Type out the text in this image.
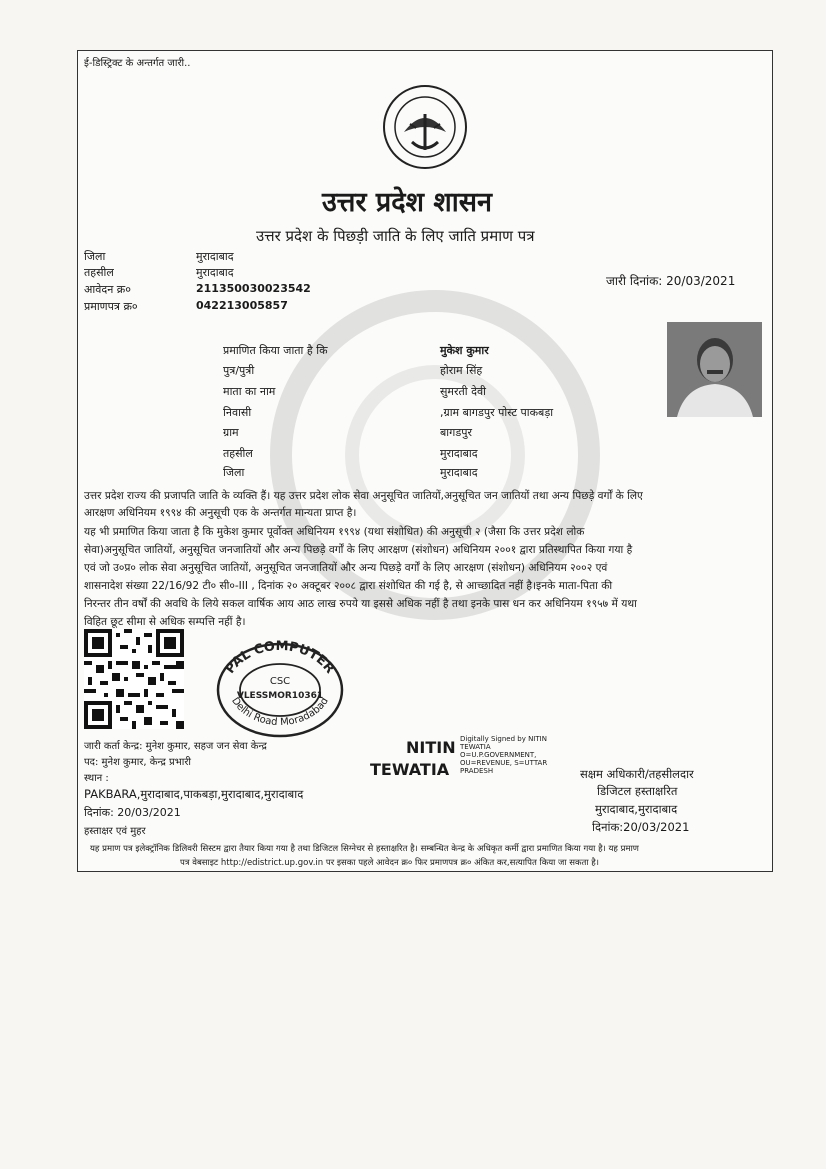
ई-डिस्ट्रिक्ट के अन्तर्गत जारी..
उत्तर प्रदेश शासन
उत्तर प्रदेश के पिछड़ी जाति के लिए जाति प्रमाण पत्र
जिला	मुरादाबाद
तहसील	मुरादाबाद
आवेदन क्र०	211350030023542
प्रमाणपत्र क्र०	042213005857
जारी दिनांक: 20/03/2021
प्रमाणित किया जाता है कि	मुकेश कुमार
पुत्र/पुत्री	होराम सिंह
माता का नाम	सुमरती देवी
निवासी	,ग्राम बागडपुर पोस्ट पाकबड़ा
ग्राम	बागडपुर
तहसील	मुरादाबाद
जिला	मुरादाबाद
उत्तर प्रदेश राज्य की प्रजापति जाति के व्यक्ति हैं। यह उत्तर प्रदेश लोक सेवा अनुसूचित जातियों,अनुसूचित जन जातियों तथा अन्य पिछड़े वर्गों के लिए
आरक्षण अधिनियम १९९४ की अनुसूची एक के अन्तर्गत मान्यता प्राप्त है।
यह भी प्रमाणित किया जाता है कि मुकेश कुमार पूर्वोक्त अधिनियम १९९४ (यथा संशोधित) की अनुसूची २ (जैसा कि उत्तर प्रदेश लोक
सेवा)अनुसूचित जातियों, अनुसूचित जनजातियों और अन्य पिछड़े वर्गों के लिए आरक्षण (संशोधन) अधिनियम २००१ द्वारा प्रतिस्थापित किया गया है
एवं जो उ०प्र० लोक सेवा अनुसूचित जातियों, अनुसूचित जनजातियों और अन्य पिछड़े वर्गों के लिए आरक्षण (संशोधन) अधिनियम २००२ एवं
शासनादेश संख्या 22/16/92 टी० सी०-III , दिनांक २० अक्टूबर २००८ द्वारा संशोधित की गई है, से आच्छादित नहीं है।इनके माता-पिता की
निरन्तर तीन वर्षों की अवधि के लिये सकल वार्षिक आय आठ लाख रुपये या इससे अधिक नहीं है तथा इनके पास धन कर अधिनियम १९५७ में यथा
विहित छूट सीमा से अधिक सम्पत्ति नहीं है।
PAL COMPUTER
Delhi Road Moradabad
CSC
VLESSMOR10361
जारी कर्ता केन्द्र: मुनेश कुमार, सहज जन सेवा केन्द्र
पद: मुनेश कुमार, केन्द्र प्रभारी
स्थान :
PAKBARA,मुरादाबाद,पाकबड़ा,मुरादाबाद,मुरादाबाद
दिनांक: 20/03/2021
हस्ताक्षर एवं मुहर
NITIN
TEWATIA
Digitally Signed by NITIN
TEWATIA
O=U.P.GOVERNMENT,
OU=REVENUE, S=UTTAR
PRADESH	सक्षम अधिकारी/तहसीलदार
डिजिटल हस्ताक्षरित
मुरादाबाद,मुरादाबाद
दिनांक:20/03/2021
यह प्रमाण पत्र इलेक्ट्रॉनिक डिलिवरी सिस्टम द्वारा तैयार किया गया है तथा डिजिटल सिग्नेचर से हस्ताक्षरित है। सम्बन्धित केन्द्र के अधिकृत कर्मी द्वारा प्रमाणित किया गया है। यह प्रमाण
पत्र वेबसाइट http://edistrict.up.gov.in पर इसका पहले आवेदन क्र० फिर प्रमाणपत्र क्र० अंकित कर,सत्यापित किया जा सकता है।
